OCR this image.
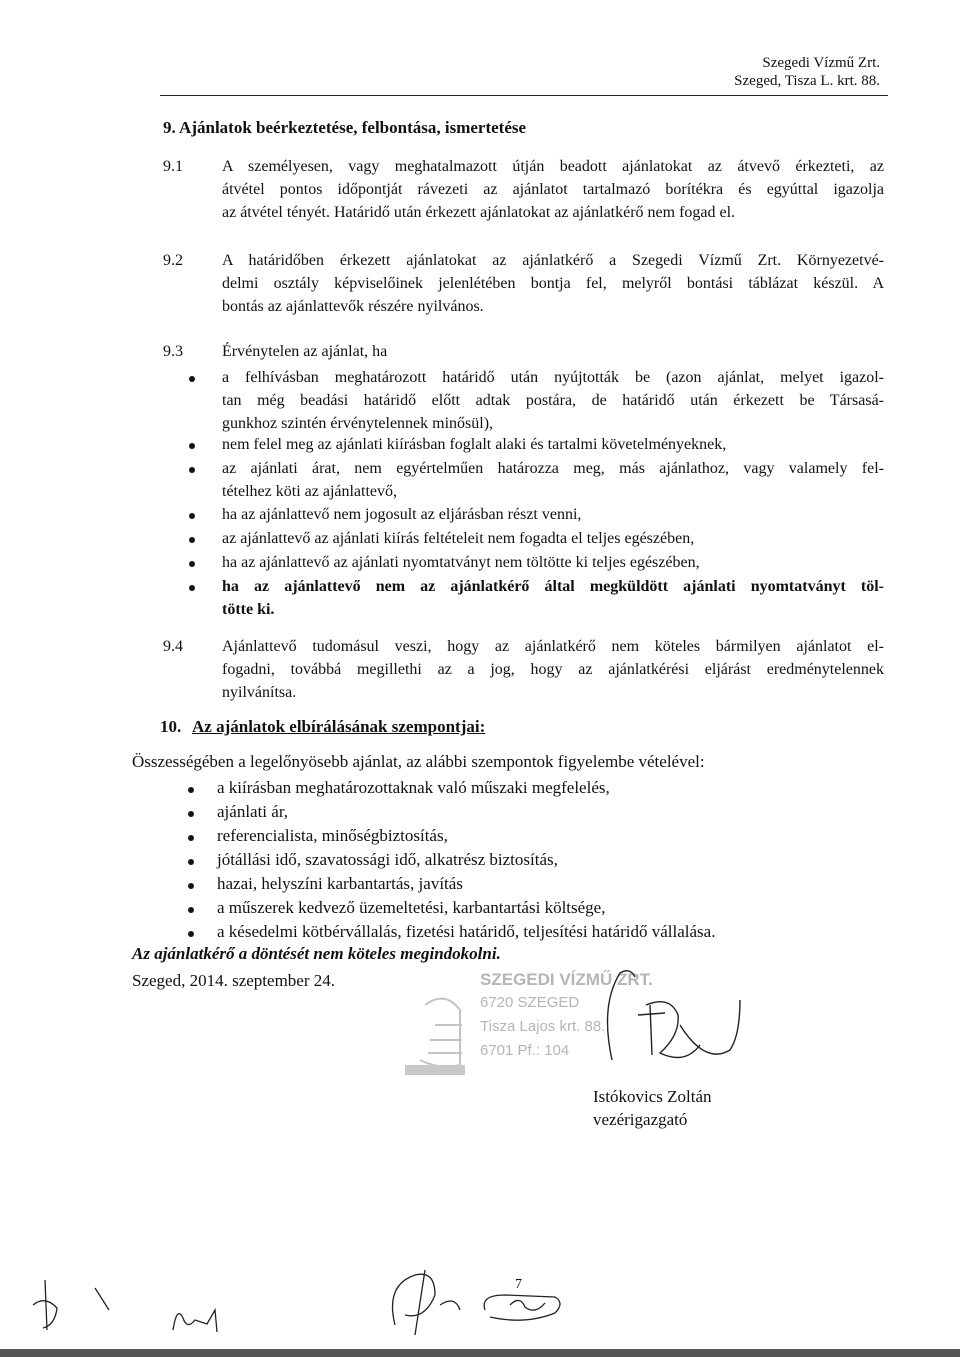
Szegedi Vízmű Zrt.
Szeged, Tisza L. krt. 88.
9. Ajánlatok beérkeztetése, felbontása, ismertetése
9.1 A személyesen, vagy meghatalmazott útján beadott ajánlatokat az átvevő érkezteti, az
átvétel pontos időpontját rávezeti az ajánlatot tartalmazó borítékra és egyúttal igazolja
az átvétel tényét. Határidő után érkezett ajánlatokat az ajánlatkérő nem fogad el.
9.2 A határidőben érkezett ajánlatokat az ajánlatkérő a Szegedi Vízmű Zrt. Környezetvé-
delmi osztály képviselőinek jelenlétében bontja fel, melyről bontási táblázat készül. A
bontás az ajánlattevők részére nyilvános.
9.3 Érvénytelen az ajánlat, ha
a felhívásban meghatározott határidő után nyújtották be (azon ajánlat, melyet igazol-
tan még beadási határidő előtt adtak postára, de határidő után érkezett be Társasá-
gunkhoz szintén érvénytelennek minősül),
nem felel meg az ajánlati kiírásban foglalt alaki és tartalmi követelményeknek,
az ajánlati árat, nem egyértelműen határozza meg, más ajánlathoz, vagy valamely fel-
tételhez köti az ajánlattevő,
ha az ajánlattevő nem jogosult az eljárásban részt venni,
az ajánlattevő az ajánlati kiírás feltételeit nem fogadta el teljes egészében,
ha az ajánlattevő az ajánlati nyomtatványt nem töltötte ki teljes egészében,
ha az ajánlattevő nem az ajánlatkérő által megküldött ajánlati nyomtatványt töl-
tötte ki.
9.4 Ajánlattevő tudomásul veszi, hogy az ajánlatkérő nem köteles bármilyen ajánlatot el-
fogadni, továbbá megillethi az a jog, hogy az ajánlatkérési eljárást eredménytelennek
nyilvánítsa.
10. Az ajánlatok elbírálásának szempontjai:
Összességében a legelőnyösebb ajánlat, az alábbi szempontok figyelembe vételével:
a kiírásban meghatározottaknak való műszaki megfelelés,
ajánlati ár,
referencialista, minőségbiztosítás,
jótállási idő, szavatossági idő, alkatrész biztosítás,
hazai, helyszíni karbantartás, javítás
a műszerek kedvező üzemeltetési, karbantartási költsége,
a késedelmi kötbérvállalás, fizetési határidő, teljesítési határidő vállalása.
Az ajánlatkérő a döntését nem köteles megindokolni.
Szeged, 2014. szeptember 24.	SZEGEDI VÍZMŰ ZRT.
6720 SZEGED
Tisza Lajos krt. 88.
6701 Pf.: 104
Istókovics Zoltán
vezérigazgató
7
